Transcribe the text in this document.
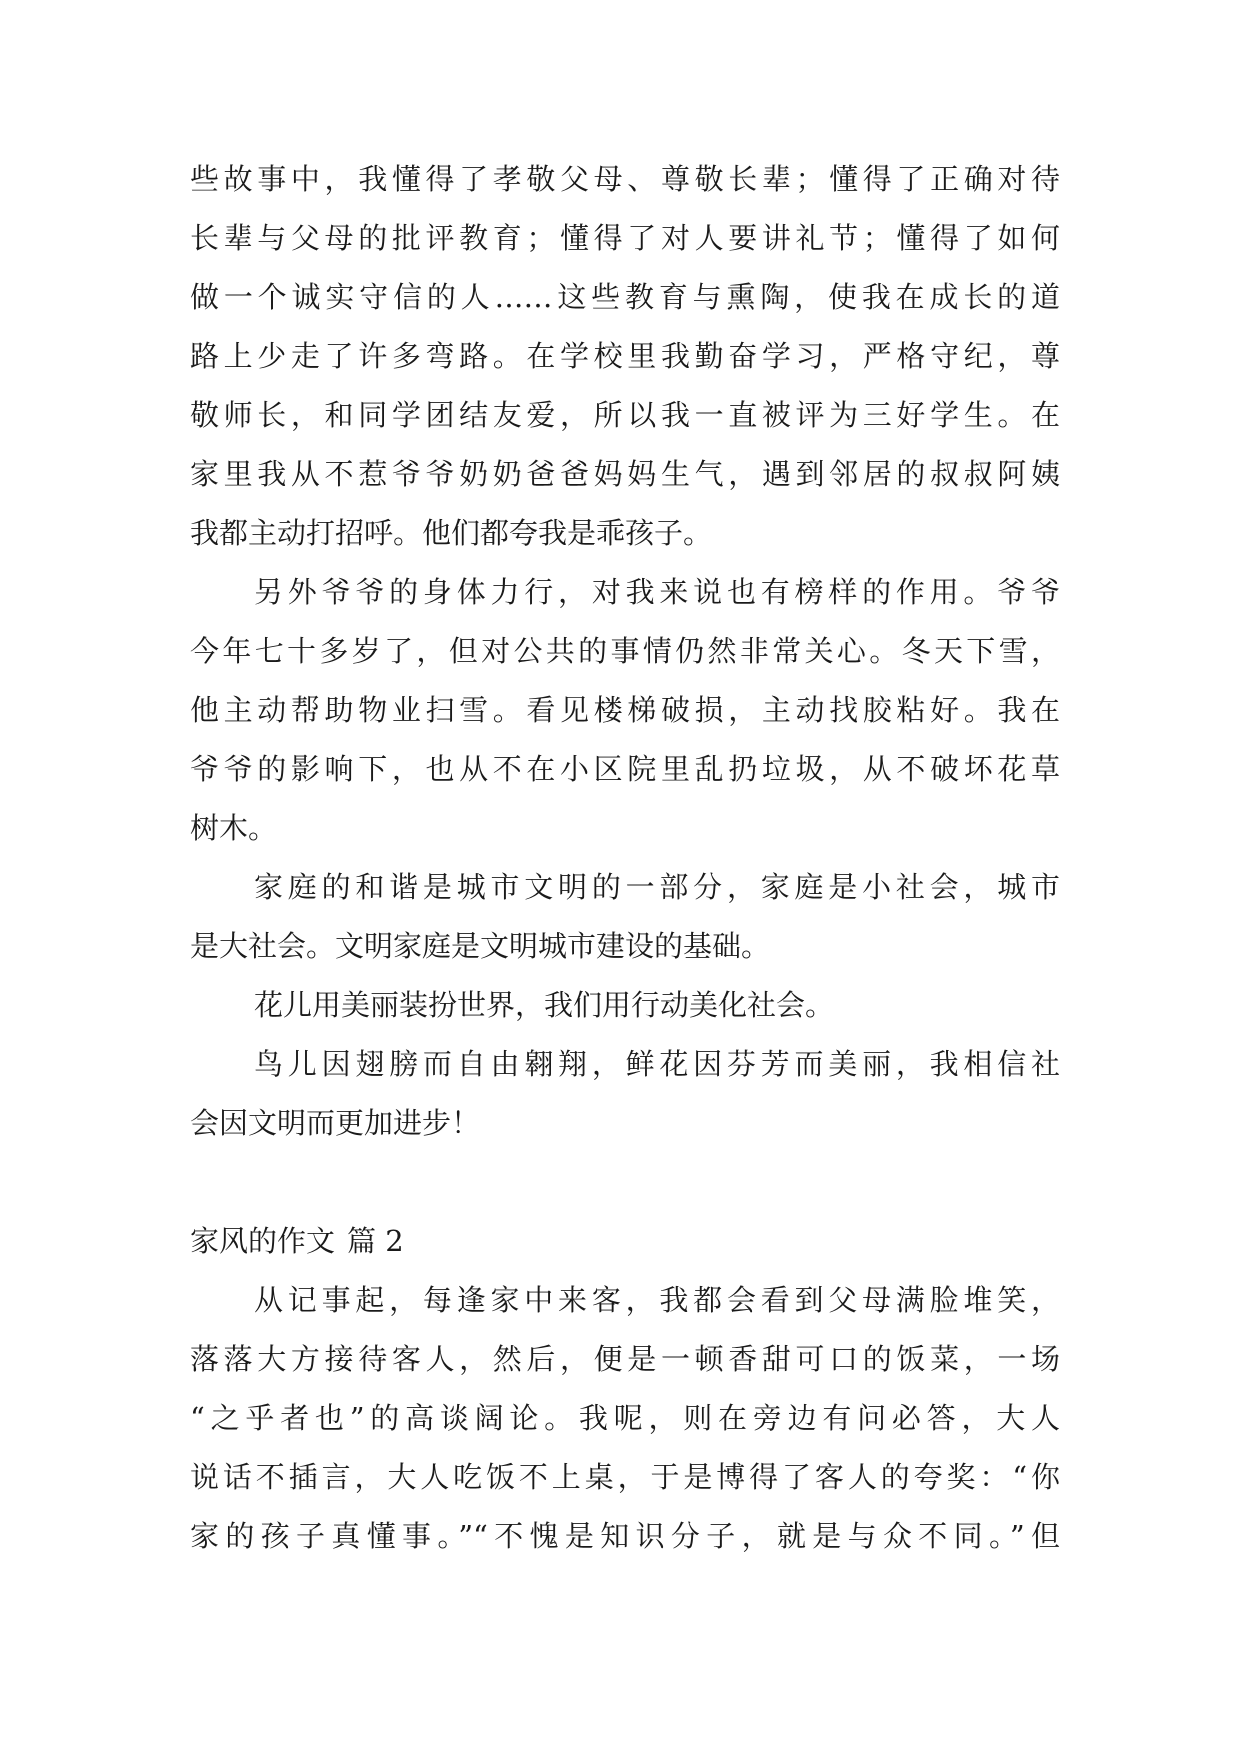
些故事中，我懂得了孝敬父母、尊敬长辈；懂得了正确对待
长辈与父母的批评教育；懂得了对人要讲礼节；懂得了如何
做一个诚实守信的人……这些教育与熏陶，使我在成长的道
路上少走了许多弯路。在学校里我勤奋学习，严格守纪，尊
敬师长，和同学团结友爱，所以我一直被评为三好学生。在
家里我从不惹爷爷奶奶爸爸妈妈生气，遇到邻居的叔叔阿姨
我都主动打招呼。他们都夸我是乖孩子。
另外爷爷的身体力行，对我来说也有榜样的作用。爷爷
今年七十多岁了，但对公共的事情仍然非常关心。冬天下雪，
他主动帮助物业扫雪。看见楼梯破损，主动找胶粘好。我在
爷爷的影响下，也从不在小区院里乱扔垃圾，从不破坏花草
树木。
家庭的和谐是城市文明的一部分，家庭是小社会，城市
是大社会。文明家庭是文明城市建设的基础。
花儿用美丽装扮世界，我们用行动美化社会。
鸟儿因翅膀而自由翱翔，鲜花因芬芳而美丽，我相信社
会因文明而更加进步！
家风的作文 篇 2
从记事起，每逢家中来客，我都会看到父母满脸堆笑，
落落大方接待客人，然后，便是一顿香甜可口的饭菜，一场
“之乎者也”的高谈阔论。我呢，则在旁边有问必答，大人
说话不插言，大人吃饭不上桌，于是博得了客人的夸奖：“你
家的孩子真懂事。”“不愧是知识分子，就是与众不同。”但
